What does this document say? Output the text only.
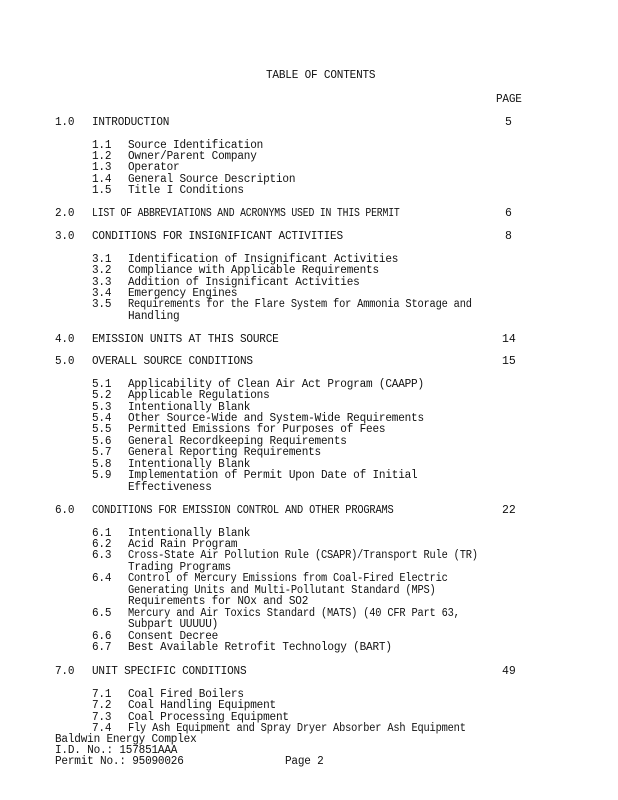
TABLE OF CONTENTS
PAGE
1.0 INTRODUCTION	5
1.1 Source Identification
1.2 Owner/Parent Company
1.3 Operator
1.4 General Source Description
1.5 Title I Conditions
2.0 LIST OF ABBREVIATIONS AND ACRONYMS USED IN THIS PERMIT	6
3.0 CONDITIONS FOR INSIGNIFICANT ACTIVITIES	8
3.1 Identification of Insignificant Activities
3.2 Compliance with Applicable Requirements
3.3 Addition of Insignificant Activities
3.4 Emergency Engines
3.5 Requirements for the Flare System for Ammonia Storage and
Handling
4.0 EMISSION UNITS AT THIS SOURCE	14
5.0 OVERALL SOURCE CONDITIONS	15
5.1 Applicability of Clean Air Act Program (CAAPP)
5.2 Applicable Regulations
5.3 Intentionally Blank
5.4 Other Source-Wide and System-Wide Requirements
5.5 Permitted Emissions for Purposes of Fees
5.6 General Recordkeeping Requirements
5.7 General Reporting Requirements
5.8 Intentionally Blank
5.9 Implementation of Permit Upon Date of Initial
Effectiveness
6.0 CONDITIONS FOR EMISSION CONTROL AND OTHER PROGRAMS	22
6.1 Intentionally Blank
6.2 Acid Rain Program
6.3 Cross-State Air Pollution Rule (CSAPR)/Transport Rule (TR)
Trading Programs
6.4 Control of Mercury Emissions from Coal-Fired Electric
Generating Units and Multi-Pollutant Standard (MPS)
Requirements for NOx and SO2
6.5 Mercury and Air Toxics Standard (MATS) (40 CFR Part 63,
Subpart UUUUU)
6.6 Consent Decree
6.7 Best Available Retrofit Technology (BART)
7.0 UNIT SPECIFIC CONDITIONS	49
7.1 Coal Fired Boilers
7.2 Coal Handling Equipment
7.3 Coal Processing Equipment
7.4 Fly Ash Equipment and Spray Dryer Absorber Ash Equipment
Baldwin Energy Complex
I.D. No.: 157851AAA
Permit No.: 95090026	Page 2
